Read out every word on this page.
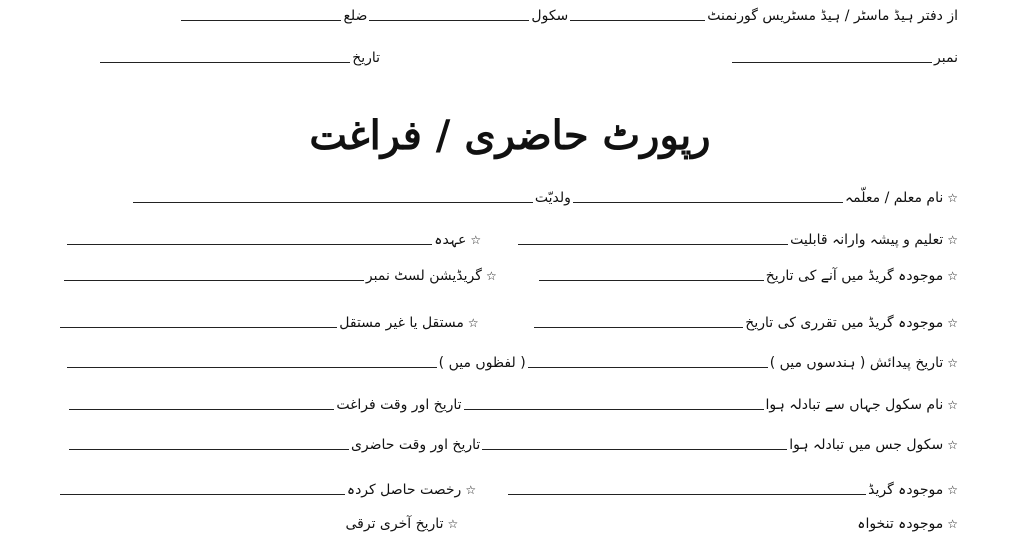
از دفتر ہیڈ ماسٹر / ہیڈ مسٹریس گورنمنٹ
سکول
ضلع
نمبر
تاریخ
رپورٹ حاضری / فراغت
☆
نام معلم / معلّمہ
ولدیّت
☆
تعلیم و پیشہ وارانہ قابلیت
☆
عہدہ
☆
موجودہ گریڈ میں آنے کی تاریخ
☆
گریڈیشن لسٹ نمبر
☆
موجودہ گریڈ میں تقرری کی تاریخ
☆
مستقل یا غیر مستقل
☆
تاریخ پیدائش ( ہندسوں میں )
( لفظوں میں )
☆
نام سکول جہاں سے تبادلہ ہوا
تاریخ اور وقت فراغت
☆
سکول جس میں تبادلہ ہوا
تاریخ اور وقت حاضری
☆
موجودہ گریڈ
☆
رخصت حاصل کردہ
☆
موجودہ تنخواہ
☆
تاریخ آخری ترقی
